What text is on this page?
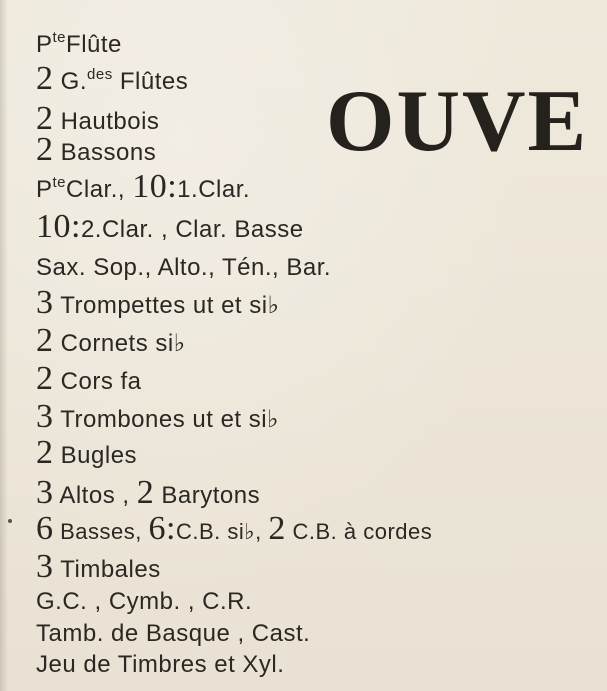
OUVE
$P^{te}Flûte$
2 G.$^{des}$ Flûtes
2 Hautbois
2 Bassons
$P^{te}Clar$., 10:1.Clar.
10:2.Clar. , Clar. Basse
Sax. Sop., Alto., Tén., Bar.
3 Trompettes ut et si♭
2 Cornets si♭
2 Cors fa
3 Trombones ut et si♭
2 Bugles
3 Altos , 2 Barytons
6 Basses, 6:C.B. si♭, 2 C.B. à cordes
3 Timbales
G.C. , Cymb. , C.R.
Tamb. de Basque , Cast.
Jeu de Timbres et Xyl.
